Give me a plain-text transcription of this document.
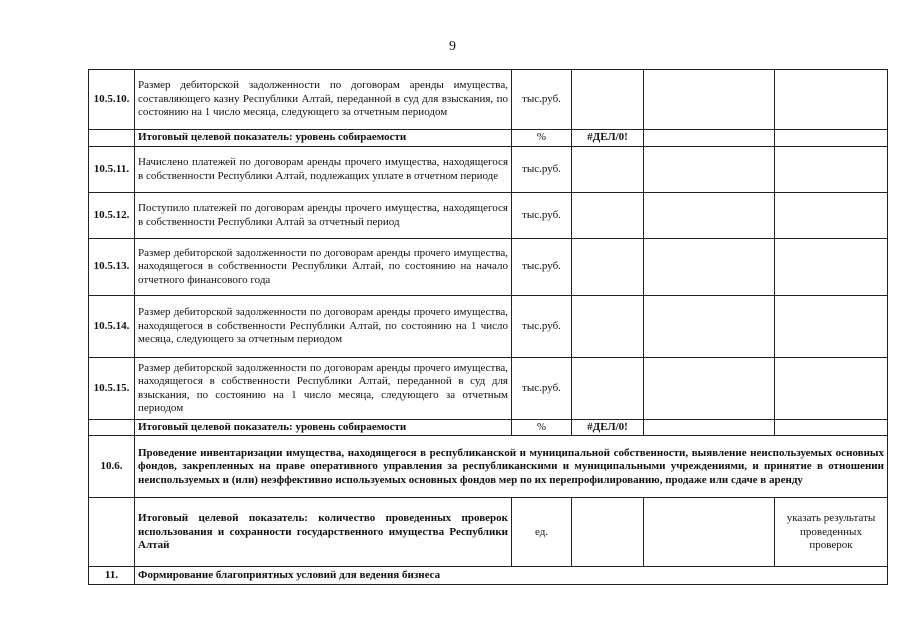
9
10.5.10.	Размер дебиторской задолженности по договорам аренды имущества, составляющего казну Республики Алтай, переданной в суд для взыскания, по состоянию на 1 число месяца, следующего за отчетным периодом	тыс.руб.			
	Итоговый целевой показатель: уровень собираемости	%	#ДЕЛ/0!		
10.5.11.	Начислено платежей по договорам аренды прочего имущества, находящегося в собственности Республики Алтай, подлежащих уплате в отчетном периоде	тыс.руб.			
10.5.12.	Поступило платежей по договорам аренды прочего имущества, находящегося в собственности Республики Алтай за отчетный период	тыс.руб.			
10.5.13.	Размер дебиторской задолженности по договорам аренды прочего имущества, находящегося в собственности Республики Алтай, по состоянию на начало отчетного финансового года	тыс.руб.			
10.5.14.	Размер дебиторской задолженности по договорам аренды прочего имущества, находящегося в собственности Республики Алтай, по состоянию на 1 число месяца, следующего за отчетным периодом	тыс.руб.			
10.5.15.	Размер дебиторской задолженности по договорам аренды прочего имущества, находящегося в собственности Республики Алтай, переданной в суд для взыскания, по состоянию на 1 число месяца, следующего за отчетным периодом	тыс.руб.			
	Итоговый целевой показатель: уровень собираемости	%	#ДЕЛ/0!		
10.6.	Проведение инвентаризации имущества, находящегося в республиканской и муниципальной собственности, выявление неиспользуемых основных фондов, закрепленных на праве оперативного управления за республиканскими и муниципальными учреждениями, и принятие в отношении неиспользуемых и (или) неэффективно используемых основных фондов мер по их перепрофилированию, продаже или сдаче в аренду				
	Итоговый целевой показатель: количество проведенных проверок использования и сохранности государственного имущества Республики Алтай	ед.			указать результаты проведенных проверок
11.	Формирование благоприятных условий для ведения бизнеса				
